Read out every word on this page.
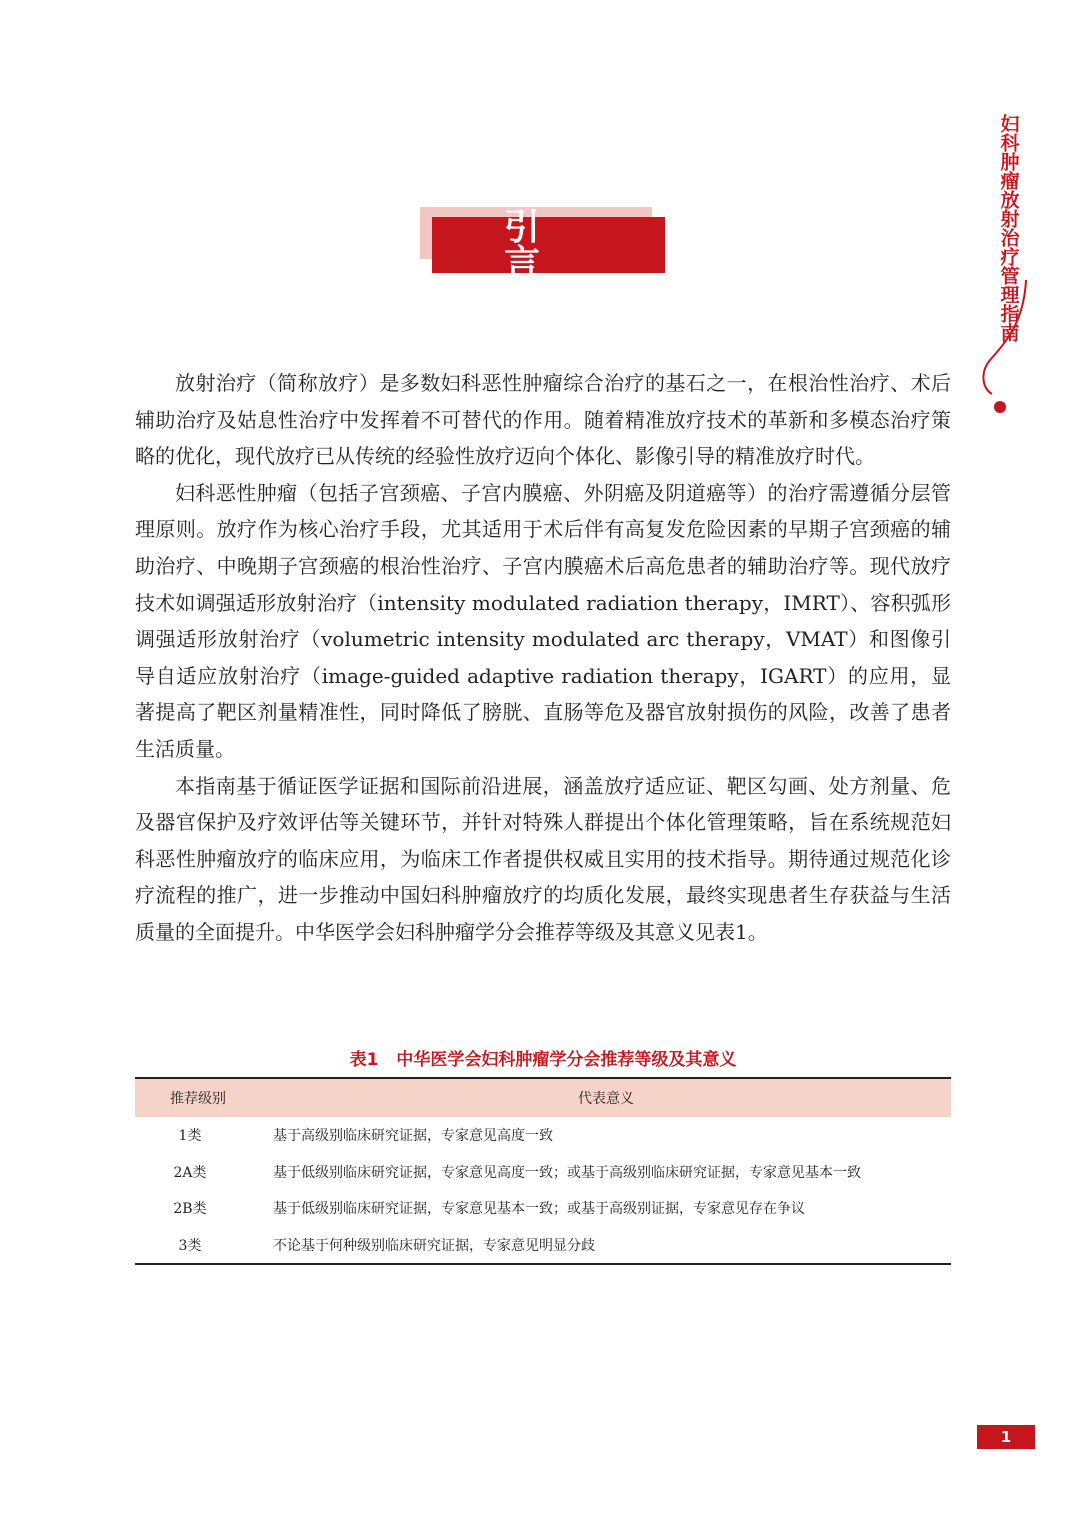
妇科肿瘤放射治疗管理指南
引言

放射治疗（简称放疗）是多数妇科恶性肿瘤综合治疗的基石之一，在根治性治疗、术后辅助治疗及姑息性治疗中发挥着不可替代的作用。随着精准放疗技术的革新和多模态治疗策略的优化，现代放疗已从传统的经验性放疗迈向个体化、影像引导的精准放疗时代。

妇科恶性肿瘤（包括子宫颈癌、子宫内膜癌、外阴癌及阴道癌等）的治疗需遵循分层管理原则。放疗作为核心治疗手段，尤其适用于术后伴有高复发危险因素的早期子宫颈癌的辅助治疗、中晚期子宫颈癌的根治性治疗、子宫内膜癌术后高危患者的辅助治疗等。现代放疗技术如调强适形放射治疗（intensity modulated radiation therapy，IMRT）、容积弧形调强适形放射治疗（volumetric intensity modulated arc therapy，VMAT）和图像引导自适应放射治疗（image-guided adaptive radiation therapy，IGART）的应用，显著提高了靶区剂量精准性，同时降低了膀胱、直肠等危及器官放射损伤的风险，改善了患者生活质量。

本指南基于循证医学证据和国际前沿进展，涵盖放疗适应证、靶区勾画、处方剂量、危及器官保护及疗效评估等关键环节，并针对特殊人群提出个体化管理策略，旨在系统规范妇科恶性肿瘤放疗的临床应用，为临床工作者提供权威且实用的技术指导。期待通过规范化诊疗流程的推广，进一步推动中国妇科肿瘤放疗的均质化发展，最终实现患者生存获益与生活质量的全面提升。中华医学会妇科肿瘤学分会推荐等级及其意义见表1。

表1 中华医学会妇科肿瘤学分会推荐等级及其意义
推荐级别	代表意义
1类	基于高级别临床研究证据，专家意见高度一致
2A类	基于低级别临床研究证据，专家意见高度一致；或基于高级别临床研究证据，专家意见基本一致
2B类	基于低级别临床研究证据，专家意见基本一致；或基于高级别证据，专家意见存在争议
3类	不论基于何种级别临床研究证据，专家意见明显分歧
1
